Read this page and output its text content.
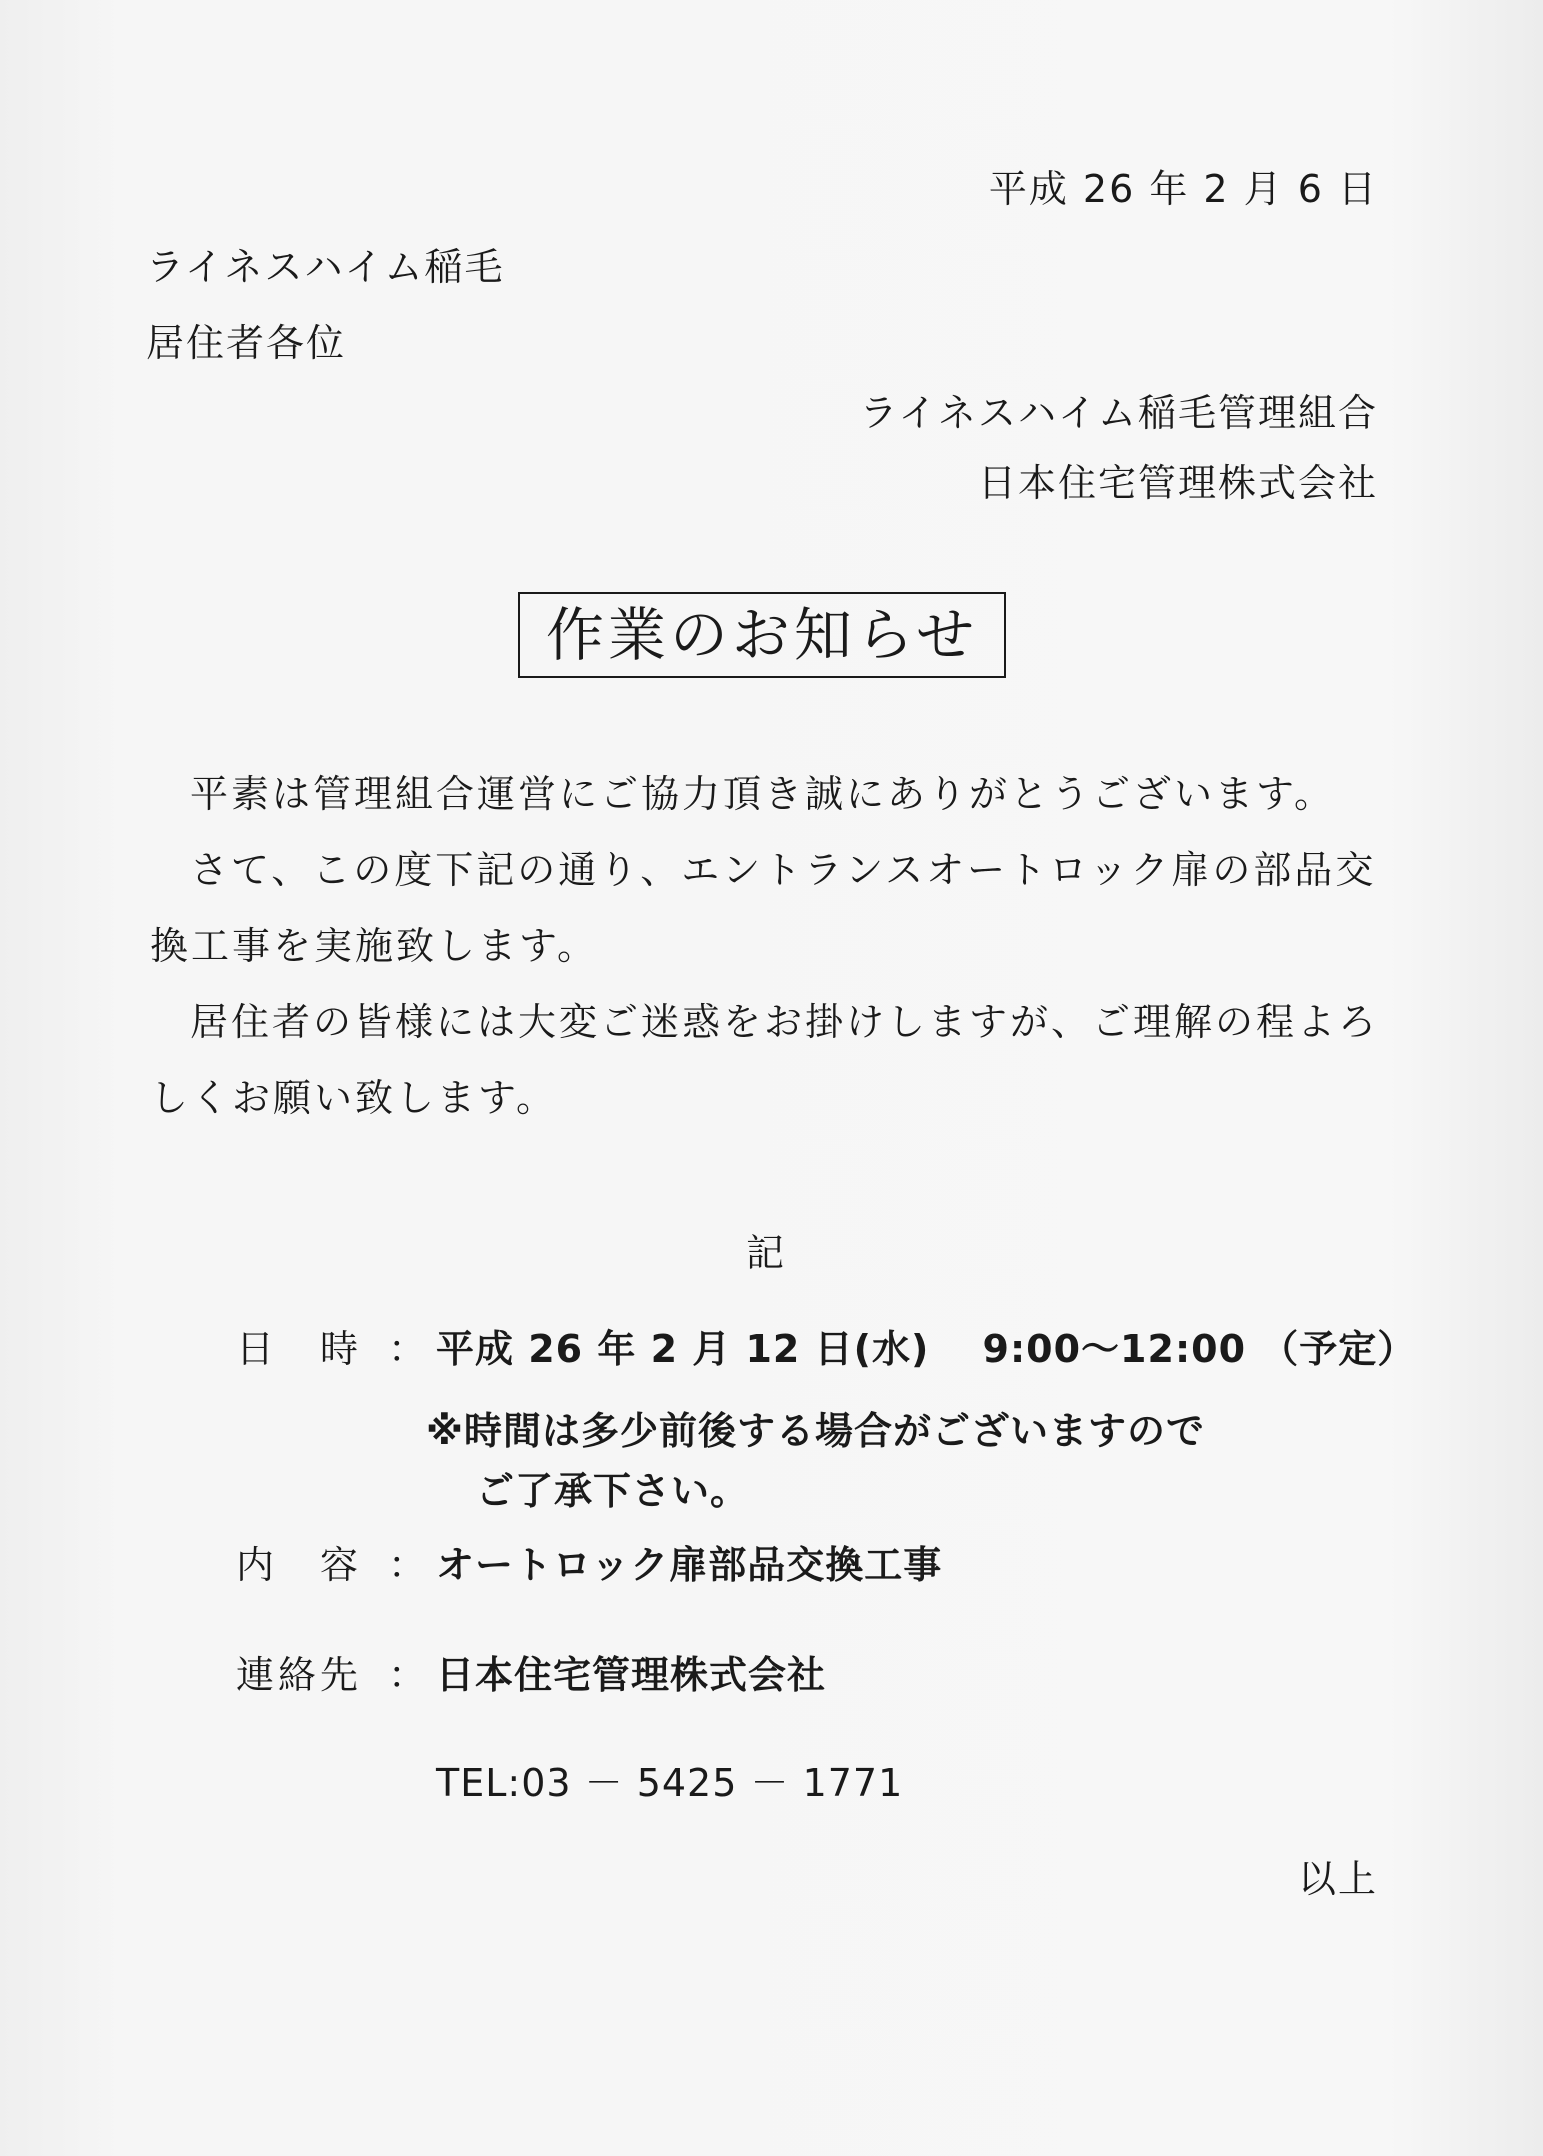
平成 26 年 2 月 6 日
ライネスハイム稲毛
居住者各位
ライネスハイム稲毛管理組合
日本住宅管理株式会社
作業のお知らせ

平素は管理組合運営にご協力頂き誠にありがとうございます。

さて、この度下記の通り、エントランスオートロック扉の部品交換工事を実施致します。

居住者の皆様には大変ご迷惑をお掛けしますが、ご理解の程よろしくお願い致します。

記
日　時 ： 平成 26 年 2 月 12 日(水)　 9:00～12:00 （予定）
※時間は多少前後する場合がございますので
ご了承下さい。
内　容 ： オートロック扉部品交換工事
連絡先 ： 日本住宅管理株式会社
TEL:03 － 5425 － 1771
以上
